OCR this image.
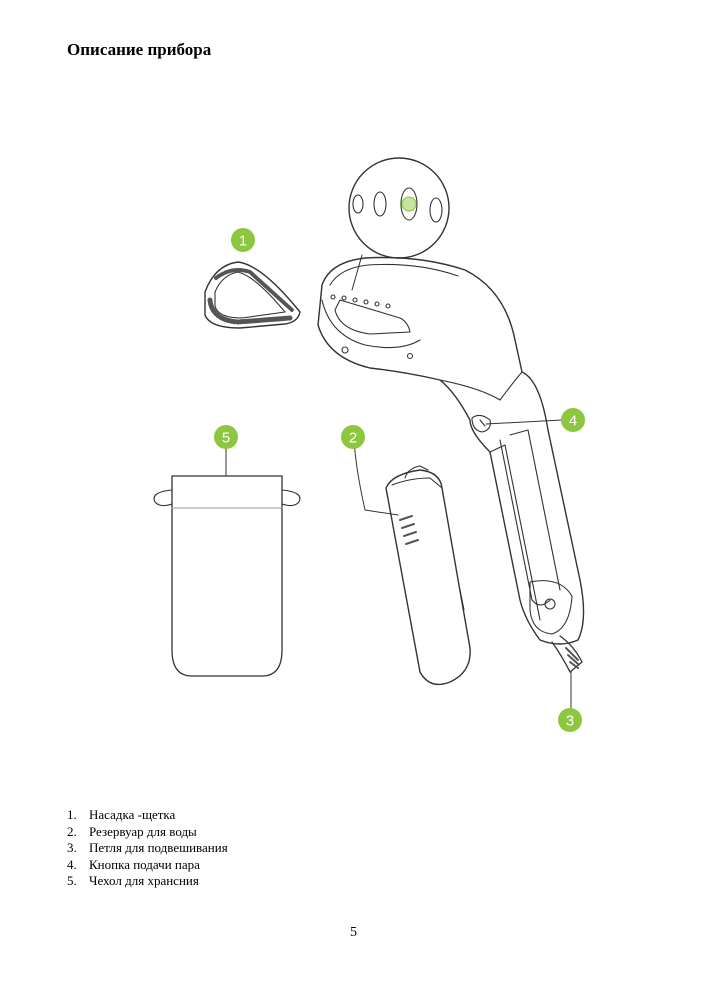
Описание прибора
1
2
3
4
5
1. Насадка -щетка
2. Резервуар для воды
3. Петля для подвешивания
4. Кнопка подачи пара
5. Чехол для хрансния
5
